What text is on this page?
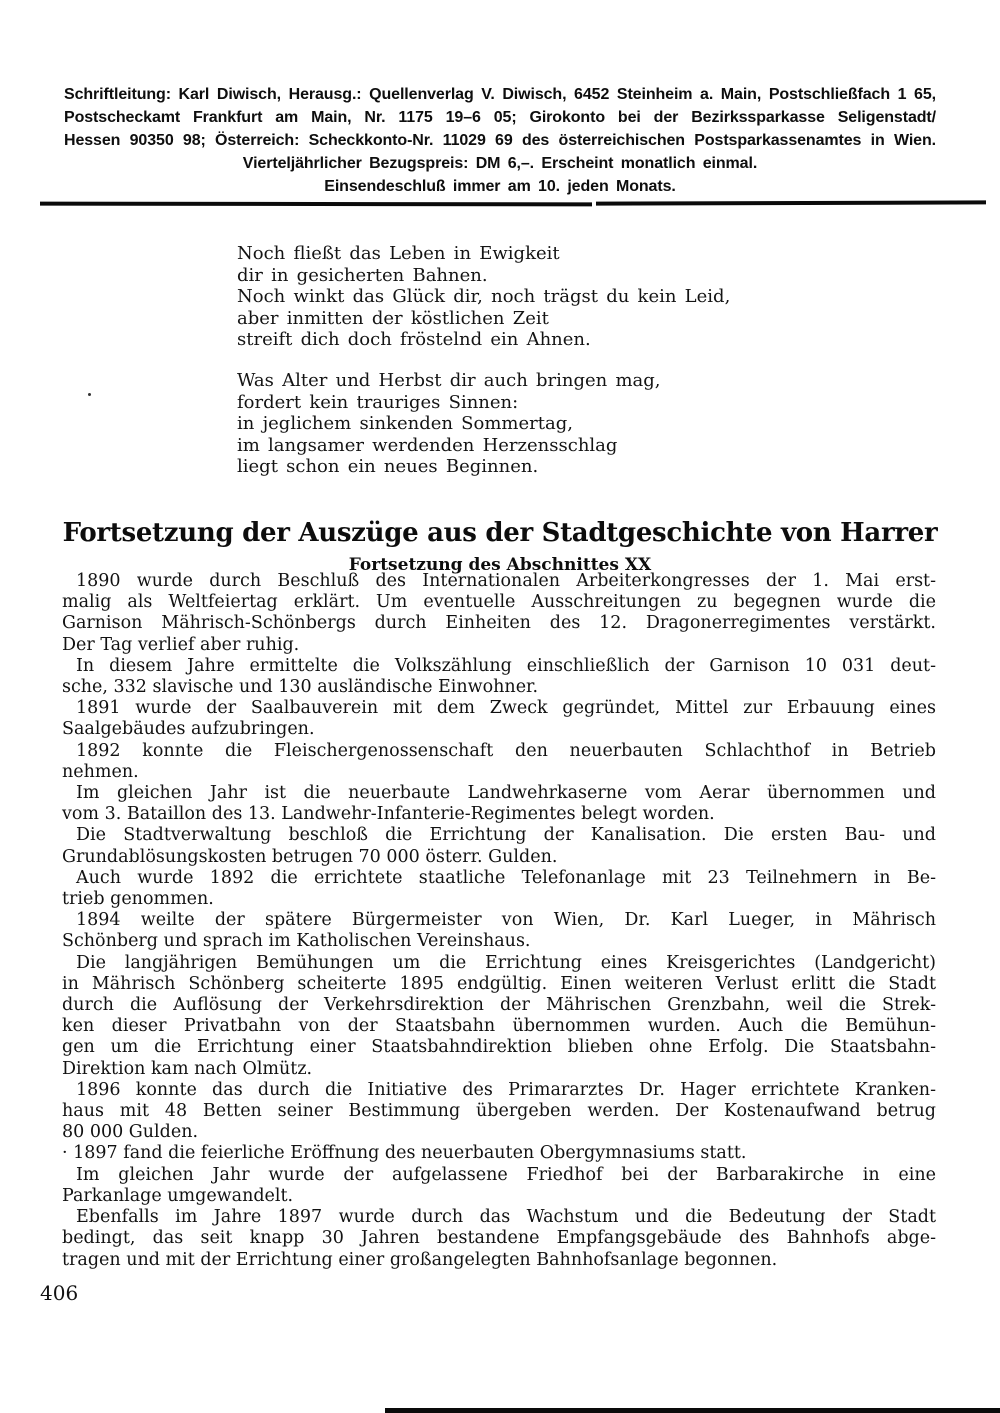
Schriftleitung: Karl Diwisch, Herausg.: Quellenverlag V. Diwisch, 6452 Steinheim a. Main, Postschließfach 1 65,
Postscheckamt Frankfurt am Main, Nr. 1175 19–6 05; Girokonto bei der Bezirkssparkasse Seligenstadt/
Hessen 90350 98; Österreich: Scheckkonto-Nr. 11029 69 des österreichischen Postsparkassenamtes in Wien.
Vierteljährlicher Bezugspreis: DM 6,–. Erscheint monatlich einmal.
Einsendeschluß immer am 10. jeden Monats.
Noch fließt das Leben in Ewigkeit
dir in gesicherten Bahnen.
Noch winkt das Glück dir, noch trägst du kein Leid,
aber inmitten der köstlichen Zeit
streift dich doch fröstelnd ein Ahnen.
Was Alter und Herbst dir auch bringen mag,
fordert kein trauriges Sinnen:
in jeglichem sinkenden Sommertag,
im langsamer werdenden Herzensschlag
liegt schon ein neues Beginnen.
Fortsetzung der Auszüge aus der Stadtgeschichte von Harrer
Fortsetzung des Abschnittes XX
1890 wurde durch Beschluß des Internationalen Arbeiterkongresses der 1. Mai erst-
malig als Weltfeiertag erklärt. Um eventuelle Ausschreitungen zu begegnen wurde die
Garnison Mährisch-Schönbergs durch Einheiten des 12. Dragonerregimentes verstärkt.
Der Tag verlief aber ruhig.
In diesem Jahre ermittelte die Volkszählung einschließlich der Garnison 10 031 deut-
sche, 332 slavische und 130 ausländische Einwohner.
1891 wurde der Saalbauverein mit dem Zweck gegründet, Mittel zur Erbauung eines
Saalgebäudes aufzubringen.
1892 konnte die Fleischergenossenschaft den neuerbauten Schlachthof in Betrieb
nehmen.
Im gleichen Jahr ist die neuerbaute Landwehrkaserne vom Aerar übernommen und
vom 3. Bataillon des 13. Landwehr-Infanterie-Regimentes belegt worden.
Die Stadtverwaltung beschloß die Errichtung der Kanalisation. Die ersten Bau- und
Grundablösungskosten betrugen 70 000 österr. Gulden.
Auch wurde 1892 die errichtete staatliche Telefonanlage mit 23 Teilnehmern in Be-
trieb genommen.
1894 weilte der spätere Bürgermeister von Wien, Dr. Karl Lueger, in Mährisch
Schönberg und sprach im Katholischen Vereinshaus.
Die langjährigen Bemühungen um die Errichtung eines Kreisgerichtes (Landgericht)
in Mährisch Schönberg scheiterte 1895 endgültig. Einen weiteren Verlust erlitt die Stadt
durch die Auflösung der Verkehrsdirektion der Mährischen Grenzbahn, weil die Strek-
ken dieser Privatbahn von der Staatsbahn übernommen wurden. Auch die Bemühun-
gen um die Errichtung einer Staatsbahndirektion blieben ohne Erfolg. Die Staatsbahn-
Direktion kam nach Olmütz.
1896 konnte das durch die Initiative des Primararztes Dr. Hager errichtete Kranken-
haus mit 48 Betten seiner Bestimmung übergeben werden. Der Kostenaufwand betrug
80 000 Gulden.
· 1897 fand die feierliche Eröffnung des neuerbauten Obergymnasiums statt.
Im gleichen Jahr wurde der aufgelassene Friedhof bei der Barbarakirche in eine
Parkanlage umgewandelt.
Ebenfalls im Jahre 1897 wurde durch das Wachstum und die Bedeutung der Stadt
bedingt, das seit knapp 30 Jahren bestandene Empfangsgebäude des Bahnhofs abge-
tragen und mit der Errichtung einer großangelegten Bahnhofsanlage begonnen.
406
